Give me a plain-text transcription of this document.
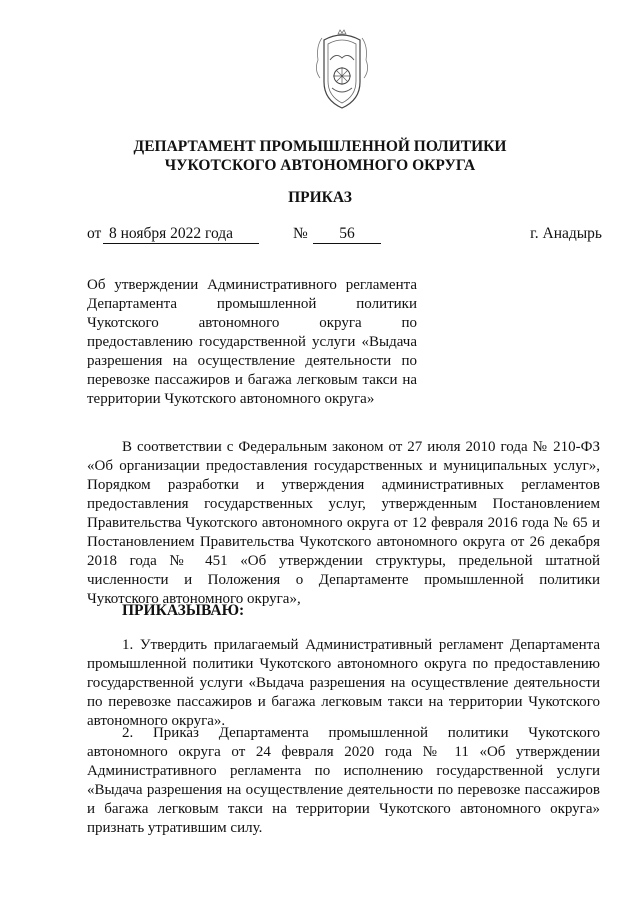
ДЕПАРТАМЕНТ ПРОМЫШЛЕННОЙ ПОЛИТИКИ
ЧУКОТСКОГО АВТОНОМНОГО ОКРУГА
ПРИКАЗ
от 8 ноября 2022 года	№	56	г. Анадырь
Об утверждении Административного регламента Департамента промышленной политики Чукотского автономного округа по предоставлению государственной услуги «Выдача разрешения на осуществление деятельности по перевозке пассажиров и багажа легковым такси на территории Чукотского автономного округа»
В соответствии с Федеральным законом от 27 июля 2010 года № 210-ФЗ «Об организации предоставления государственных и муниципальных услуг», Порядком разработки и утверждения административных регламентов предоставления государственных услуг, утвержденным Постановлением Правительства Чукотского автономного округа от 12 февраля 2016 года № 65 и Постановлением Правительства Чукотского автономного округа от 26 декабря 2018 года № 451 «Об утверждении структуры, предельной штатной численности и Положения о Департаменте промышленной политики Чукотского автономного округа»,
ПРИКАЗЫВАЮ:
1. Утвердить прилагаемый Административный регламент Департамента промышленной политики Чукотского автономного округа по предоставлению государственной услуги «Выдача разрешения на осуществление деятельности по перевозке пассажиров и багажа легковым такси на территории Чукотского автономного округа».
2. Приказ Департамента промышленной политики Чукотского автономного округа от 24 февраля 2020 года № 11 «Об утверждении Административного регламента по исполнению государственной услуги «Выдача разрешения на осуществление деятельности по перевозке пассажиров и багажа легковым такси на территории Чукотского автономного округа» признать утратившим силу.
